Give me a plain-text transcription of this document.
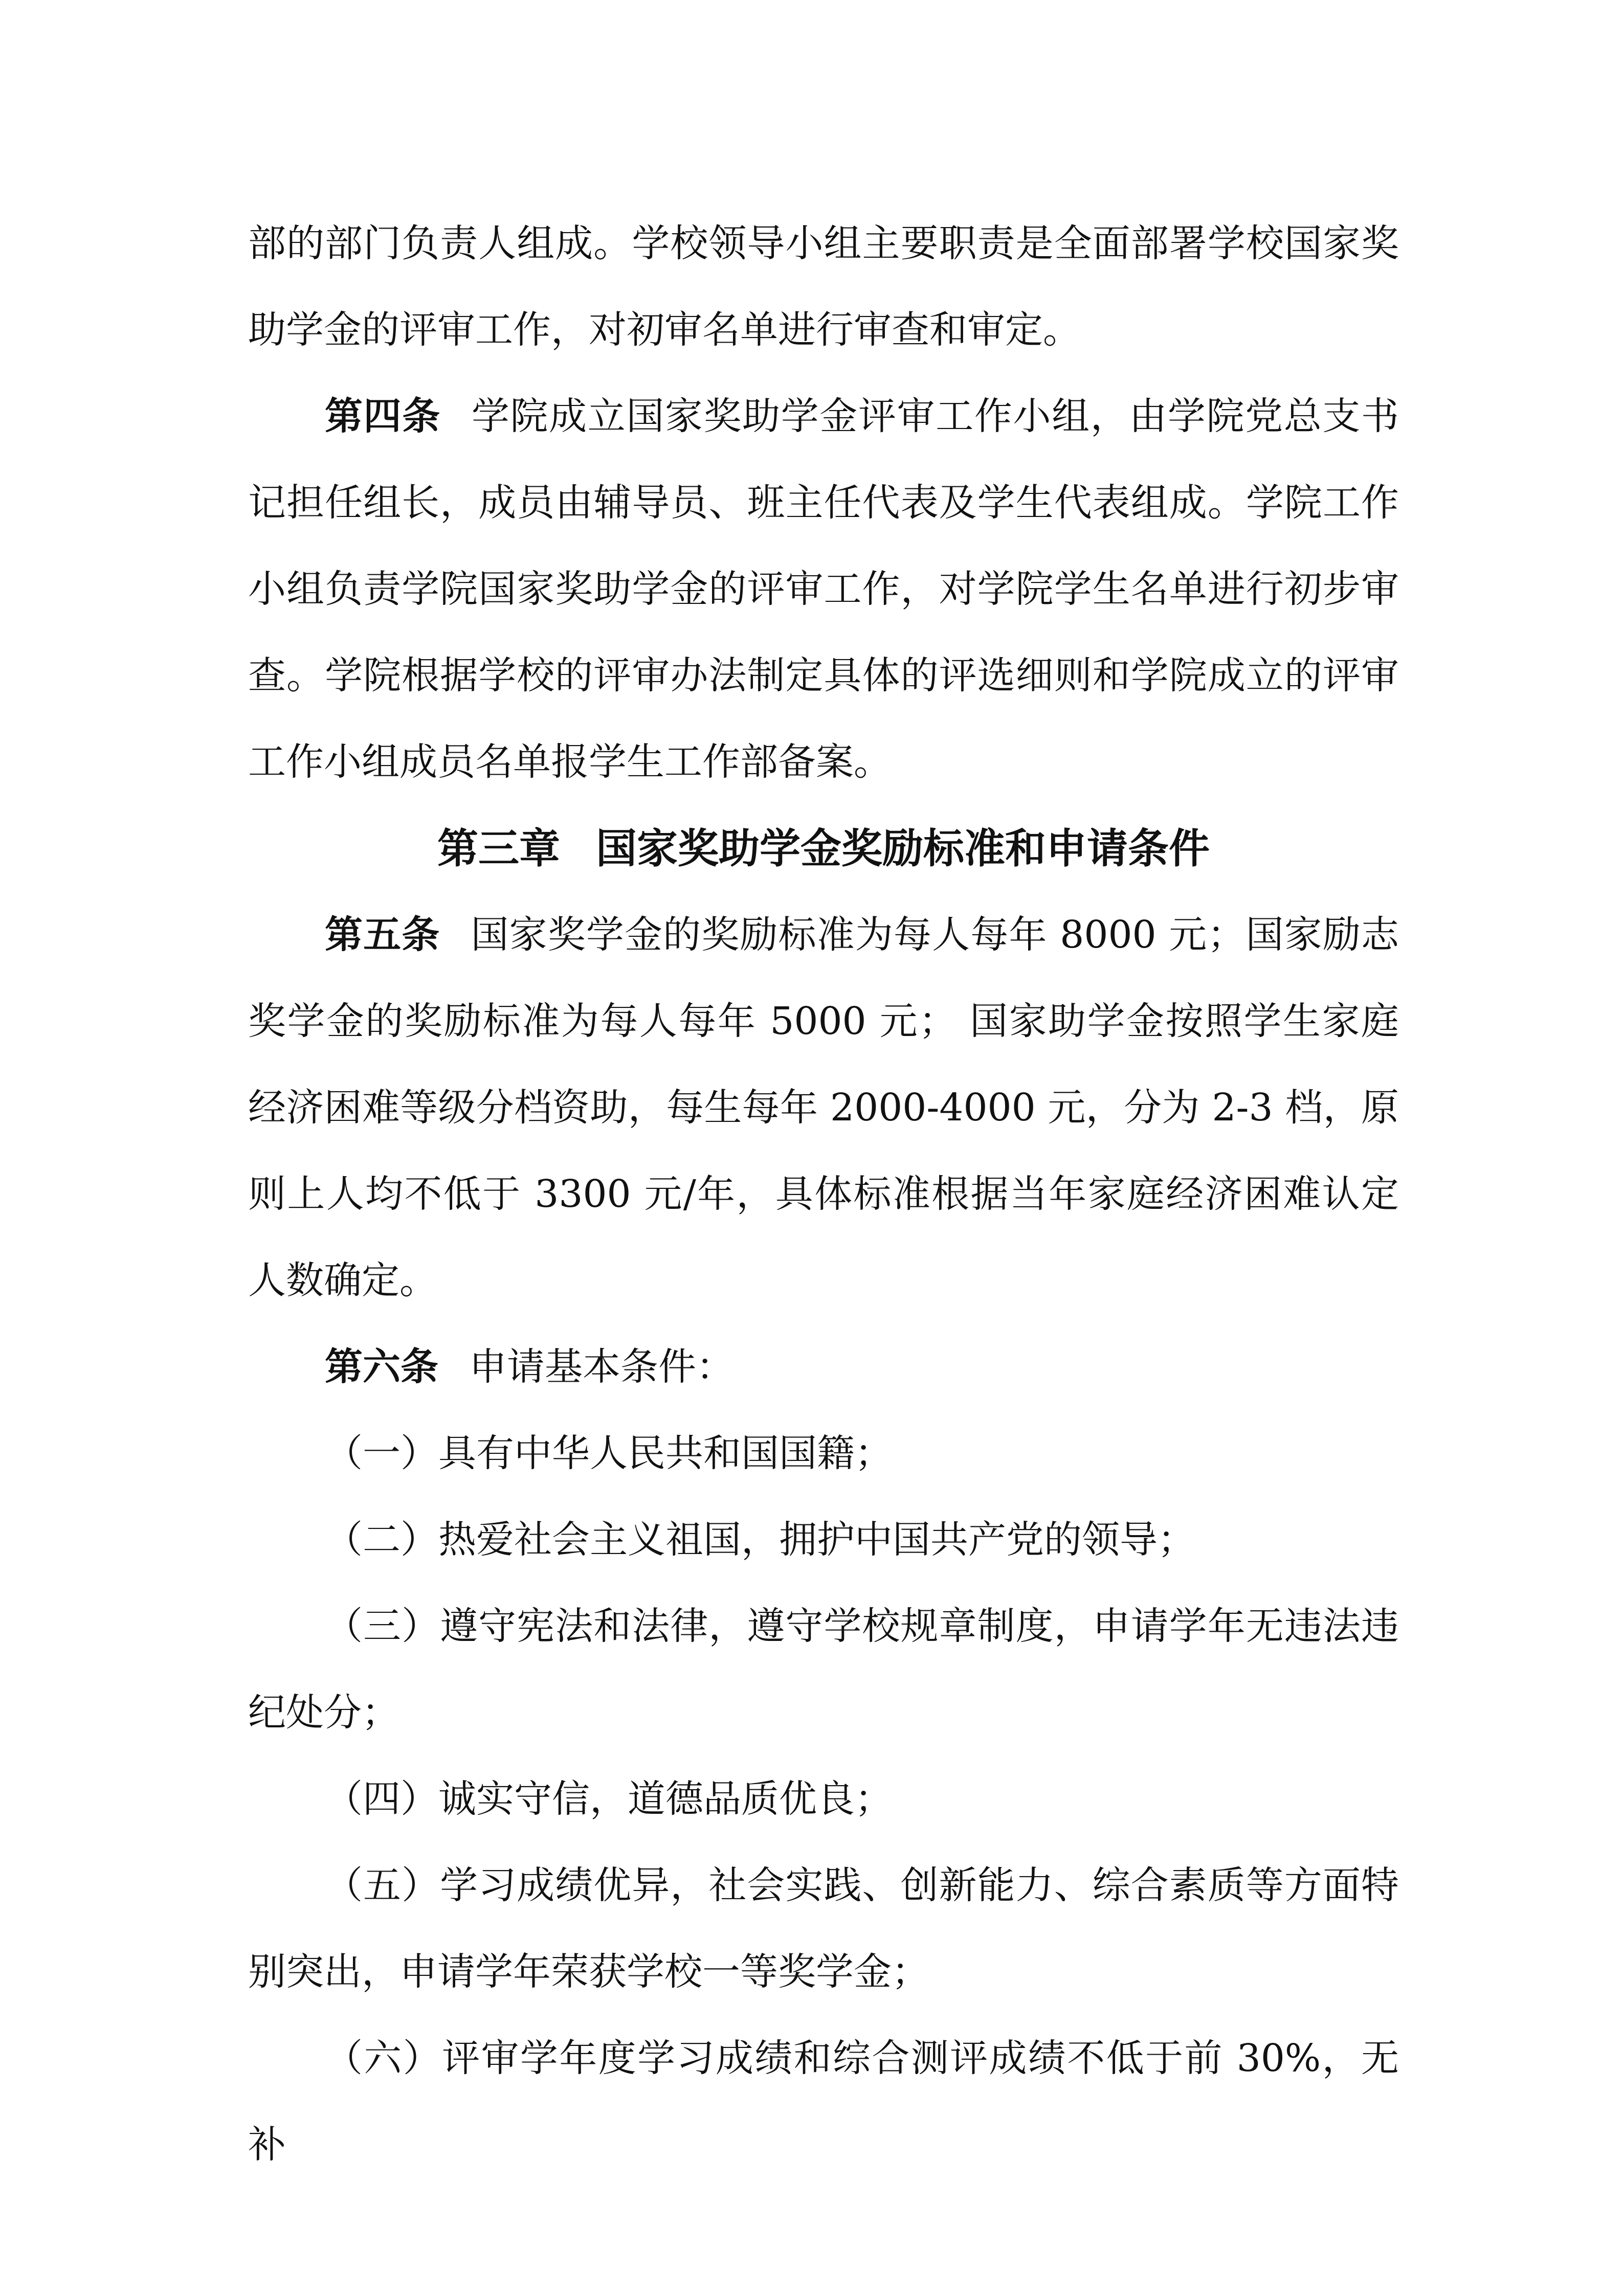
部的部门负责人组成。学校领导小组主要职责是全面部署学校国家奖助学金的评审工作，对初审名单进行审查和审定。

第四条 学院成立国家奖助学金评审工作小组，由学院党总支书记担任组长，成员由辅导员、班主任代表及学生代表组成。学院工作小组负责学院国家奖助学金的评审工作，对学院学生名单进行初步审查。学院根据学校的评审办法制定具体的评选细则和学院成立的评审工作小组成员名单报学生工作部备案。

第三章 国家奖助学金奖励标准和申请条件

第五条 国家奖学金的奖励标准为每人每年 8000 元；国家励志奖学金的奖励标准为每人每年 5000 元； 国家助学金按照学生家庭经济困难等级分档资助，每生每年 2000-4000 元，分为 2-3 档，原则上人均不低于 3300 元/年，具体标准根据当年家庭经济困难认定人数确定。

第六条 申请基本条件：

（一）具有中华人民共和国国籍；

（二）热爱社会主义祖国，拥护中国共产党的领导；

（三）遵守宪法和法律，遵守学校规章制度，申请学年无违法违纪处分；

（四）诚实守信，道德品质优良；

（五）学习成绩优异，社会实践、创新能力、综合素质等方面特别突出，申请学年荣获学校一等奖学金；

（六）评审学年度学习成绩和综合测评成绩不低于前 30%，无补
